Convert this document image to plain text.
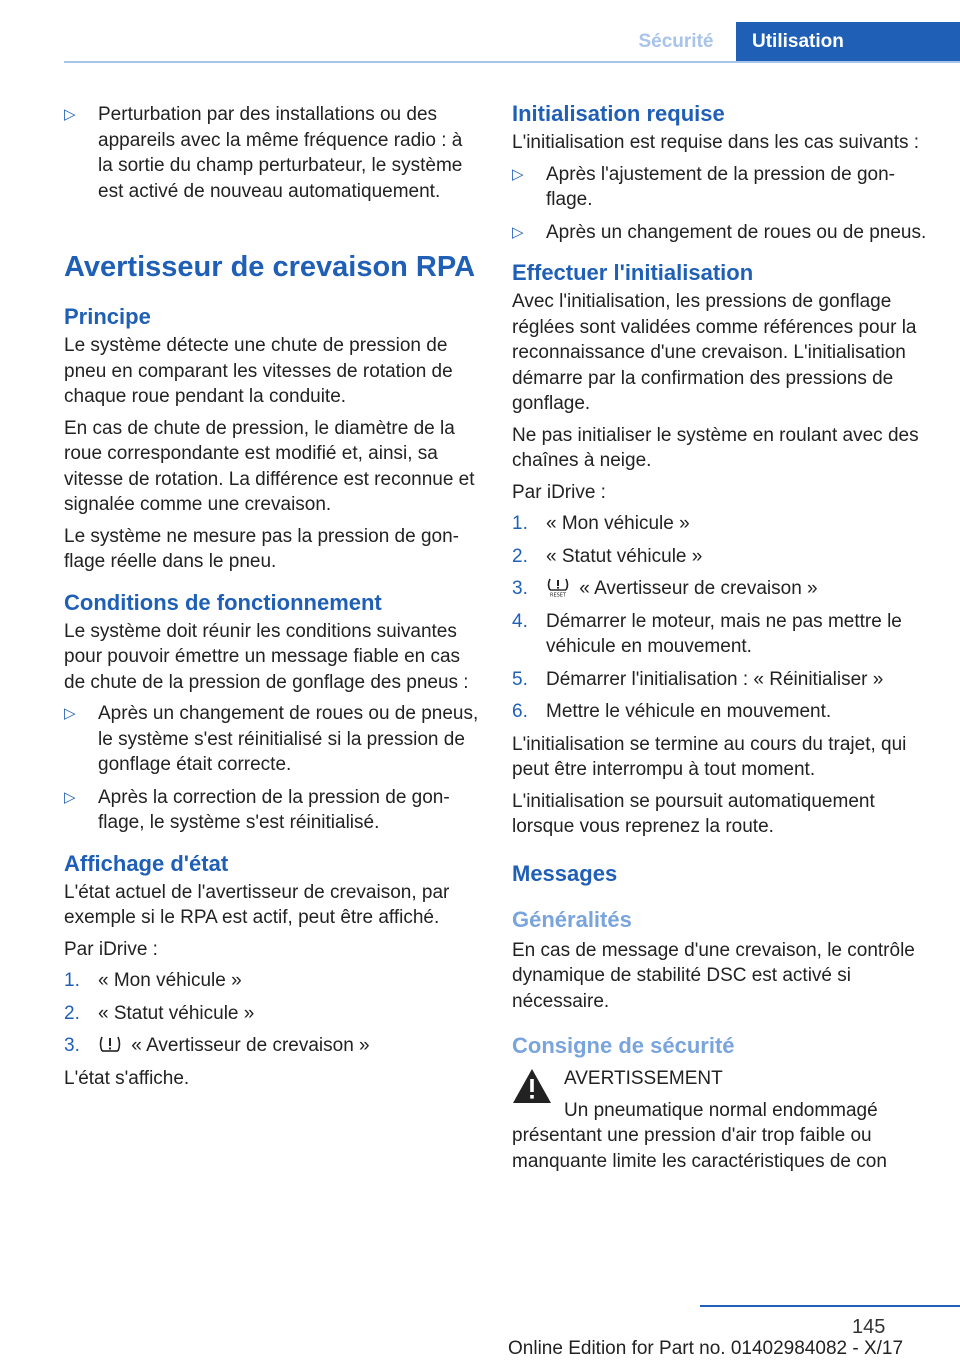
Sécurité	Utilisation
▷ Perturbation par des installations ou des appareils avec la même fréquence radio : à la sortie du champ perturbateur, le système est activé de nouveau automatiquement.
Avertisseur de crevaison RPA
Principe

Le système détecte une chute de pression de pneu en comparant les vitesses de rotation de chaque roue pendant la conduite.

En cas de chute de pression, le diamètre de la roue correspondante est modifié et, ainsi, sa vitesse de rotation. La différence est reconnue et signalée comme une crevaison.

Le système ne mesure pas la pression de gonflage réelle dans le pneu.

Conditions de fonctionnement

Le système doit réunir les conditions suivantes pour pouvoir émettre un message fiable en cas de chute de la pression de gonflage des pneus :

▷ Après un changement de roues ou de pneus, le système s'est réinitialisé si la pression de gonflage était correcte.
▷ Après la correction de la pression de gonflage, le système s'est réinitialisé.
Affichage d'état

L'état actuel de l'avertisseur de crevaison, par exemple si le RPA est actif, peut être affiché.

Par iDrive :

1. « Mon véhicule »
2. « Statut véhicule »
3. « Avertisseur de crevaison »

L'état s'affiche.

Initialisation requise

L'initialisation est requise dans les cas suivants :

▷ Après l'ajustement de la pression de gonflage.
▷ Après un changement de roues ou de pneus.
Effectuer l'initialisation

Avec l'initialisation, les pressions de gonflage réglées sont validées comme références pour la reconnaissance d'une crevaison. L'initialisation démarre par la confirmation des pressions de gonflage.

Ne pas initialiser le système en roulant avec des chaînes à neige.

Par iDrive :

1. « Mon véhicule »
2. « Statut véhicule »
3.	RESET « Avertisseur de crevaison »
4. Démarrer le moteur, mais ne pas mettre le véhicule en mouvement.
5. Démarrer l'initialisation : « Réinitialiser »
6. Mettre le véhicule en mouvement.

L'initialisation se termine au cours du trajet, qui peut être interrompu à tout moment.

L'initialisation se poursuit automatiquement lorsque vous reprenez la route.

Messages
Généralités

En cas de message d'une crevaison, le contrôle dynamique de stabilité DSC est activé si nécessaire.

Consigne de sécurité

AVERTISSEMENT

Un pneumatique normal endommagé présentant une pression d'air trop faible ou manquante limite les caractéristiques de con

145
Online Edition for Part no. 01402984082 - X/17
